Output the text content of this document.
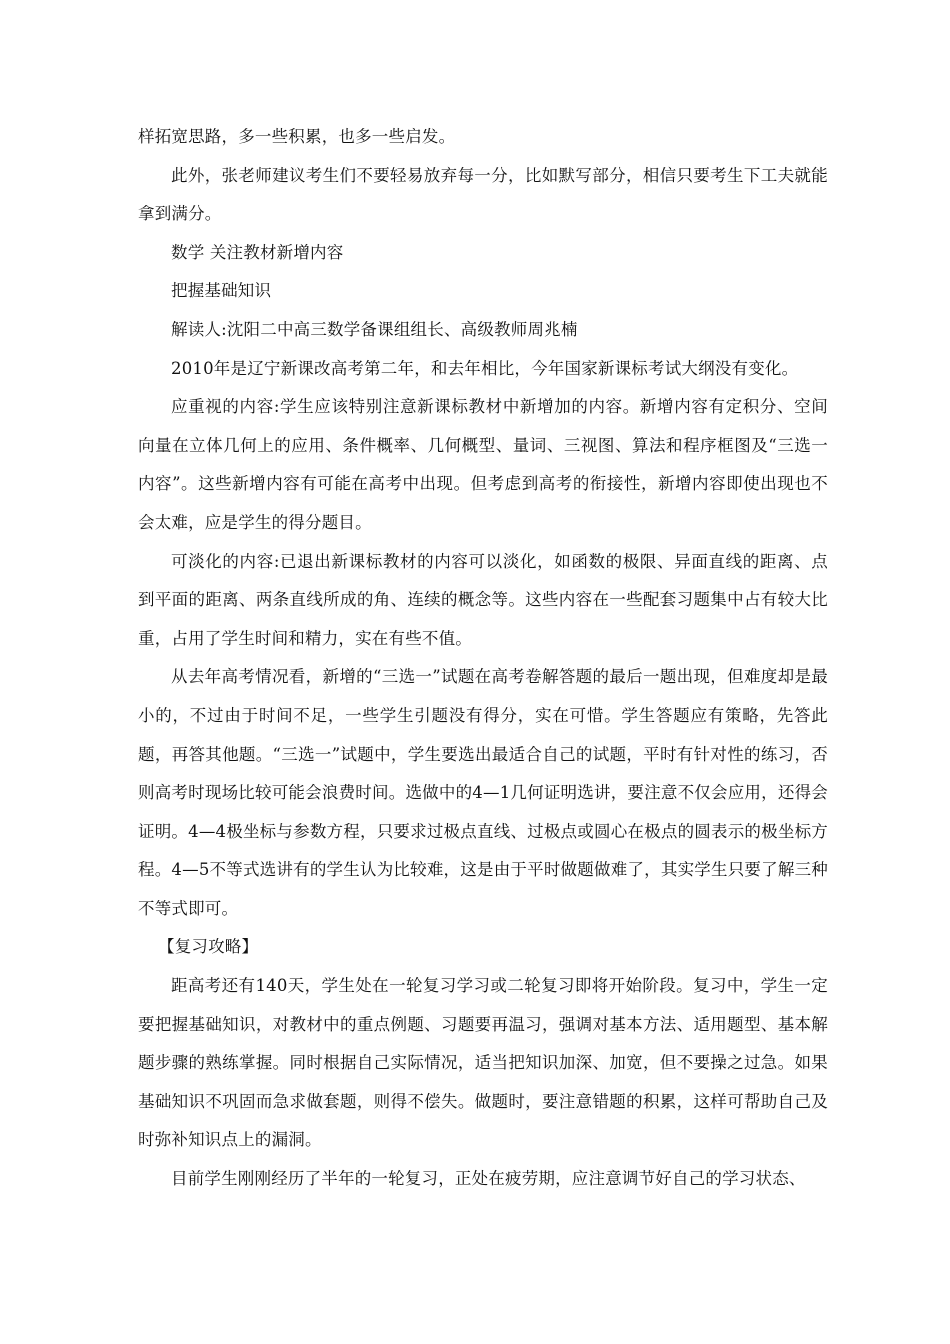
样拓宽思路，多一些积累，也多一些启发。

此外，张老师建议考生们不要轻易放弃每一分，比如默写部分，相信只要考生下工夫就能拿到满分。

数学 关注教材新增内容

把握基础知识

解读人:沈阳二中高三数学备课组组长、高级教师周兆楠

2010年是辽宁新课改高考第二年，和去年相比，今年国家新课标考试大纲没有变化。

应重视的内容:学生应该特别注意新课标教材中新增加的内容。新增内容有定积分、空间向量在立体几何上的应用、条件概率、几何概型、量词、三视图、算法和程序框图及“三选一内容”。这些新增内容有可能在高考中出现。但考虑到高考的衔接性，新增内容即使出现也不会太难，应是学生的得分题目。

可淡化的内容:已退出新课标教材的内容可以淡化，如函数的极限、异面直线的距离、点到平面的距离、两条直线所成的角、连续的概念等。这些内容在一些配套习题集中占有较大比重，占用了学生时间和精力，实在有些不值。

从去年高考情况看，新增的“三选一”试题在高考卷解答题的最后一题出现，但难度却是最小的，不过由于时间不足，一些学生引题没有得分，实在可惜。学生答题应有策略，先答此题，再答其他题。“三选一”试题中，学生要选出最适合自己的试题，平时有针对性的练习，否则高考时现场比较可能会浪费时间。选做中的4—1几何证明选讲，要注意不仅会应用，还得会证明。4—4极坐标与参数方程，只要求过极点直线、过极点或圆心在极点的圆表示的极坐标方程。4—5不等式选讲有的学生认为比较难，这是由于平时做题做难了，其实学生只要了解三种不等式即可。

【复习攻略】

距高考还有140天，学生处在一轮复习学习或二轮复习即将开始阶段。复习中，学生一定要把握基础知识，对教材中的重点例题、习题要再温习，强调对基本方法、适用题型、基本解题步骤的熟练掌握。同时根据自己实际情况，适当把知识加深、加宽，但不要操之过急。如果基础知识不巩固而急求做套题，则得不偿失。做题时，要注意错题的积累，这样可帮助自己及时弥补知识点上的漏洞。

目前学生刚刚经历了半年的一轮复习，正处在疲劳期，应注意调节好自己的学习状态、
